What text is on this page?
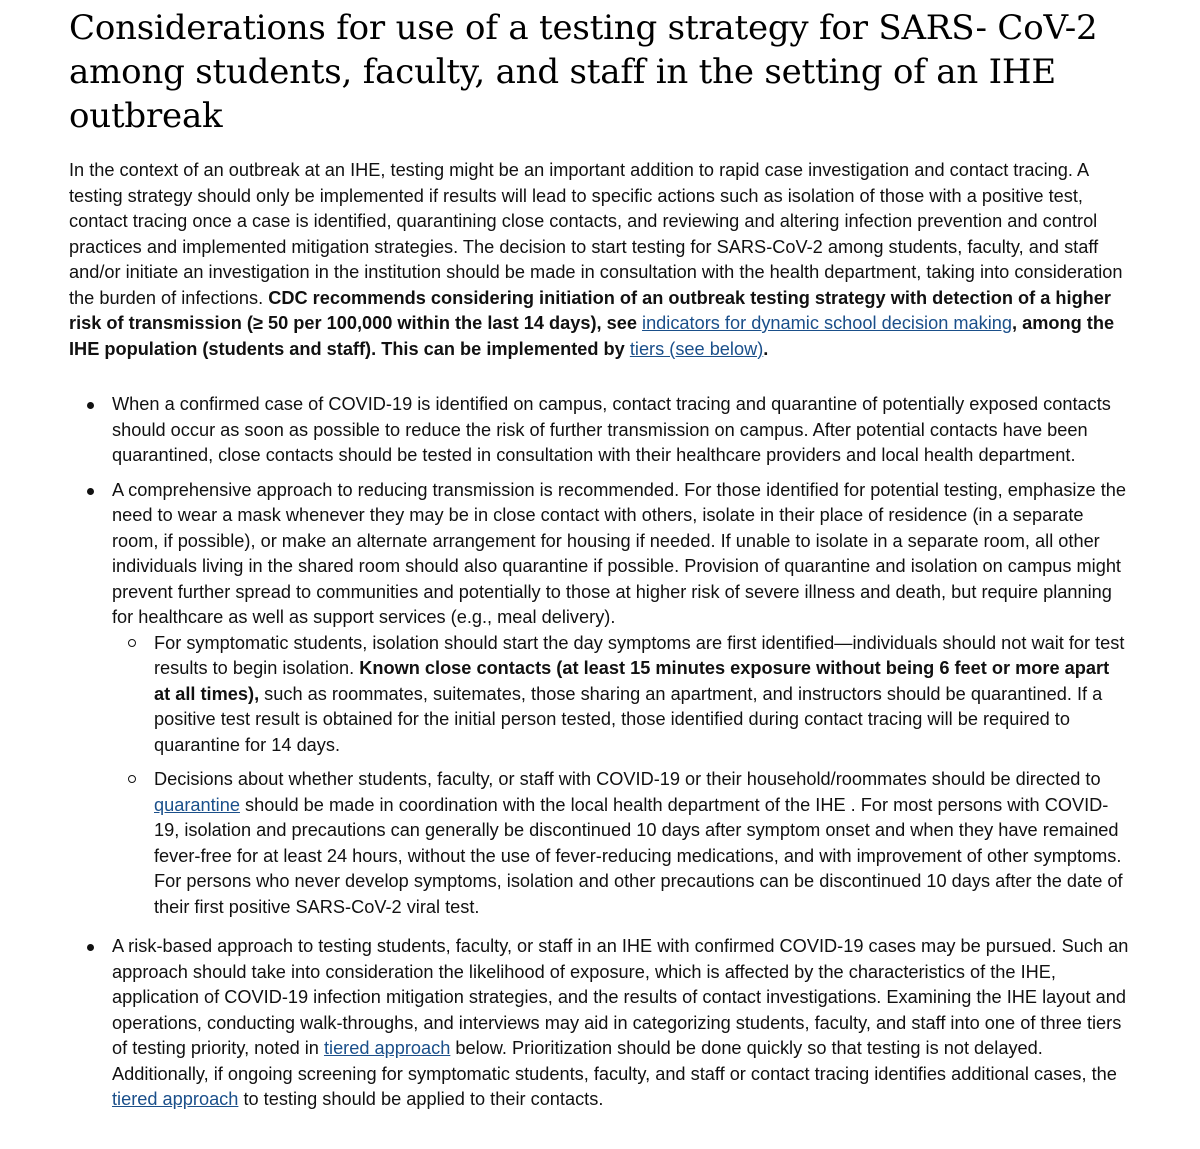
Considerations for use of a testing strategy for SARS- CoV-2 among students, faculty, and staff in the setting of an IHE outbreak

In the context of an outbreak at an IHE, testing might be an important addition to rapid case investigation and contact tracing. A testing strategy should only be implemented if results will lead to specific actions such as isolation of those with a positive test, contact tracing once a case is identified, quarantining close contacts, and reviewing and altering infection prevention and control practices and implemented mitigation strategies. The decision to start testing for SARS-CoV-2 among students, faculty, and staff and/or initiate an investigation in the institution should be made in consultation with the health department, taking into consideration the burden of infections. CDC recommends considering initiation of an outbreak testing strategy with detection of a higher risk of transmission (≥ 50 per 100,000 within the last 14 days), see indicators for dynamic school decision making, among the IHE population (students and staff). This can be implemented by tiers (see below).

When a confirmed case of COVID-19 is identified on campus, contact tracing and quarantine of potentially exposed contacts should occur as soon as possible to reduce the risk of further transmission on campus. After potential contacts have been quarantined, close contacts should be tested in consultation with their healthcare providers and local health department.
A comprehensive approach to reducing transmission is recommended. For those identified for potential testing, emphasize the need to wear a mask whenever they may be in close contact with others, isolate in their place of residence (in a separate room, if possible), or make an alternate arrangement for housing if needed. If unable to isolate in a separate room, all other individuals living in the shared room should also quarantine if possible. Provision of quarantine and isolation on campus might prevent further spread to communities and potentially to those at higher risk of severe illness and death, but require planning for healthcare as well as support services (e.g., meal delivery).
For symptomatic students, isolation should start the day symptoms are first identified—individuals should not wait for test results to begin isolation. Known close contacts (at least 15 minutes exposure without being 6 feet or more apart at all times), such as roommates, suitemates, those sharing an apartment, and instructors should be quarantined. If a positive test result is obtained for the initial person tested, those identified during contact tracing will be required to quarantine for 14 days.
Decisions about whether students, faculty, or staff with COVID-19 or their household/roommates should be directed to quarantine should be made in coordination with the local health department of the IHE . For most persons with COVID-19, isolation and precautions can generally be discontinued 10 days after symptom onset and when they have remained fever-free for at least 24 hours, without the use of fever-reducing medications, and with improvement of other symptoms. For persons who never develop symptoms, isolation and other precautions can be discontinued 10 days after the date of their first positive SARS-CoV-2 viral test.
A risk-based approach to testing students, faculty, or staff in an IHE with confirmed COVID-19 cases may be pursued. Such an approach should take into consideration the likelihood of exposure, which is affected by the characteristics of the IHE, application of COVID-19 infection mitigation strategies, and the results of contact investigations. Examining the IHE layout and operations, conducting walk-throughs, and interviews may aid in categorizing students, faculty, and staff into one of three tiers of testing priority, noted in tiered approach below. Prioritization should be done quickly so that testing is not delayed. Additionally, if ongoing screening for symptomatic students, faculty, and staff or contact tracing identifies additional cases, the tiered approach to testing should be applied to their contacts.
